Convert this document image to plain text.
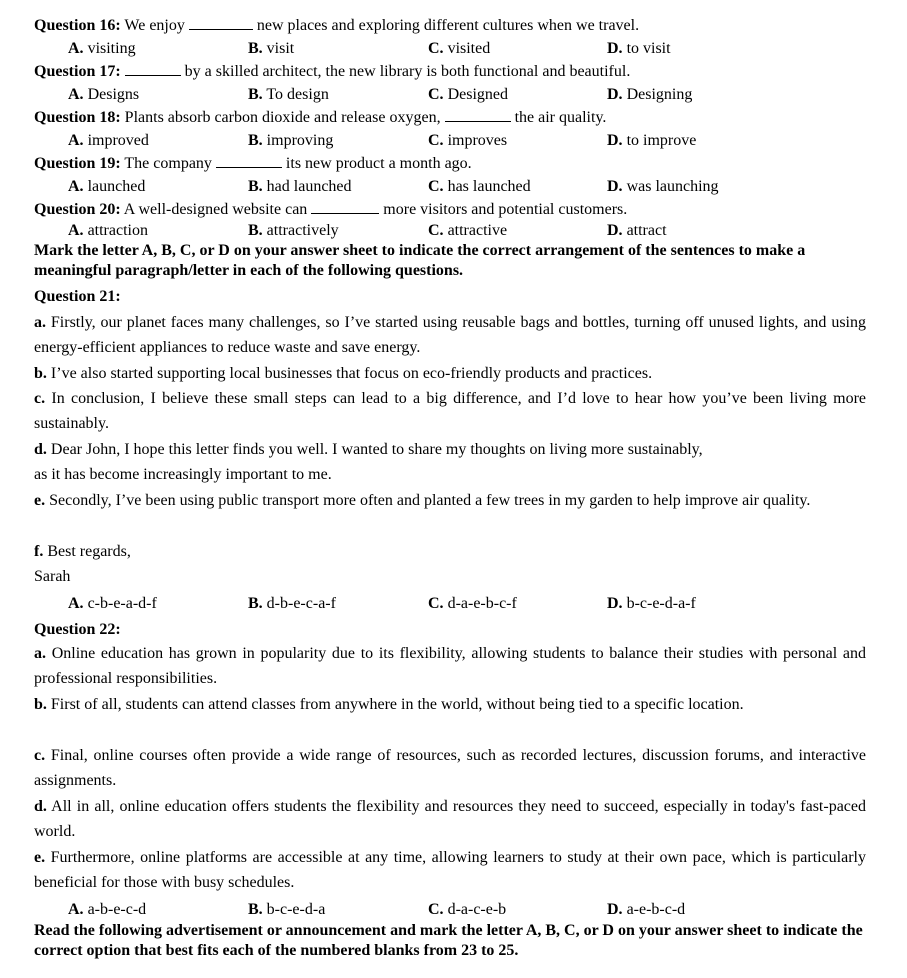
Question 16: We enjoy	new places and exploring different cultures when we travel.
A. visiting	B. visit	C. visited	D. to visit
Question 17:	by a skilled architect, the new library is both functional and beautiful.
A. Designs	B. To design	C. Designed	D. Designing
Question 18: Plants absorb carbon dioxide and release oxygen,	the air quality.
A. improved	B. improving	C. improves	D. to improve
Question 19: The company	its new product a month ago.
A. launched	B. had launched	C. has launched	D. was launching
Question 20: A well-designed website can	more visitors and potential customers.
A. attraction	B. attractively	C. attractive	D. attract
Mark the letter A, B, C, or D on your answer sheet to indicate the correct arrangement of the sentences to make a meaningful paragraph/letter in each of the following questions.
Question 21:
a. Firstly, our planet faces many challenges, so I’ve started using reusable bags and bottles, turning off unused lights, and using energy-efficient appliances to reduce waste and save energy.
b. I’ve also started supporting local businesses that focus on eco-friendly products and practices.
c. In conclusion, I believe these small steps can lead to a big difference, and I’d love to hear how you’ve been living more sustainably.
d. Dear John, I hope this letter finds you well. I wanted to share my thoughts on living more sustainably,
as it has become increasingly important to me.
e. Secondly, I’ve been using public transport more often and planted a few trees in my garden to help improve air quality.
f. Best regards,
Sarah
A. c-b-e-a-d-f	B. d-b-e-c-a-f	C. d-a-e-b-c-f	D. b-c-e-d-a-f
Question 22:
a. Online education has grown in popularity due to its flexibility, allowing students to balance their studies with personal and professional responsibilities.
b. First of all, students can attend classes from anywhere in the world, without being tied to a specific location.
c. Final, online courses often provide a wide range of resources, such as recorded lectures, discussion forums, and interactive assignments.
d. All in all, online education offers students the flexibility and resources they need to succeed, especially in today's fast-paced world.
e. Furthermore, online platforms are accessible at any time, allowing learners to study at their own pace, which is particularly beneficial for those with busy schedules.
A. a-b-e-c-d	B. b-c-e-d-a	C. d-a-c-e-b	D. a-e-b-c-d
Read the following advertisement or announcement and mark the letter A, B, C, or D on your answer sheet to indicate the correct option that best fits each of the numbered blanks from 23 to 25.
